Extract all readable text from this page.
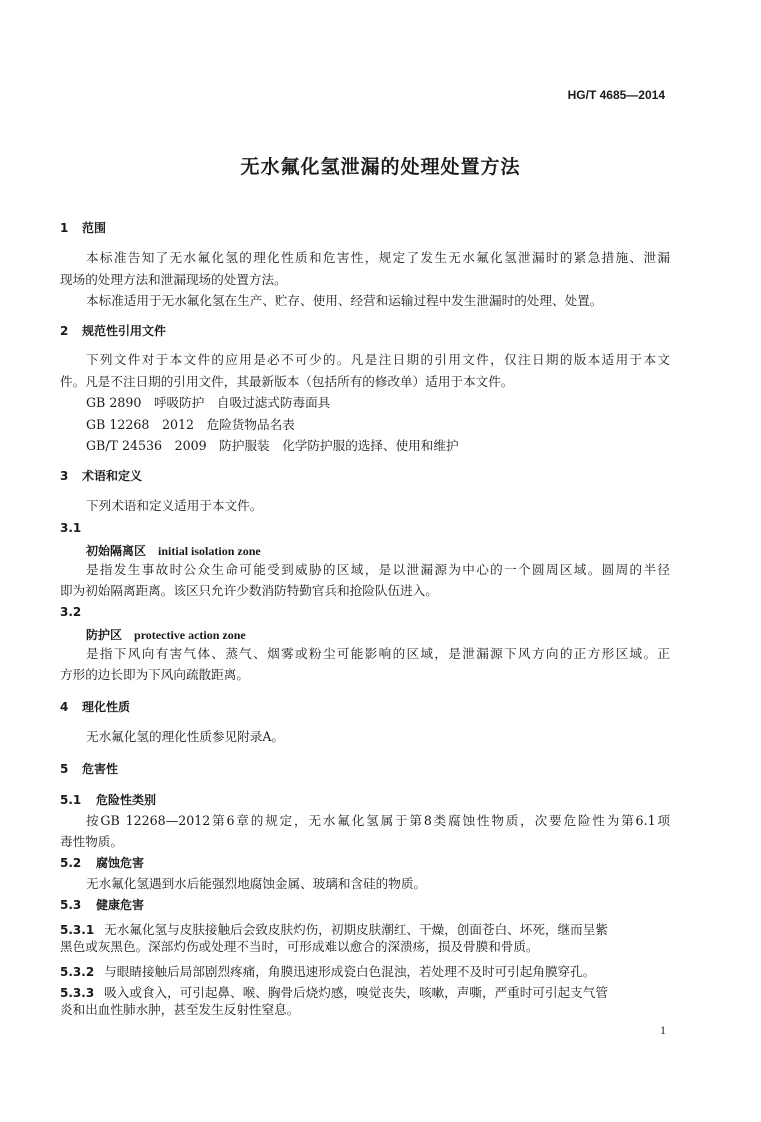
HG/T 4685—2014
无水氟化氢泄漏的处理处置方法
1 范围
本标准告知了无水氟化氢的理化性质和危害性，规定了发生无水氟化氢泄漏时的紧急措施、泄漏
现场的处理方法和泄漏现场的处置方法。
本标准适用于无水氟化氢在生产、贮存、使用、经营和运输过程中发生泄漏时的处理、处置。
2 规范性引用文件
下列文件对于本文件的应用是必不可少的。凡是注日期的引用文件，仅注日期的版本适用于本文
件。凡是不注日期的引用文件，其最新版本（包括所有的修改单）适用于本文件。
GB 2890　呼吸防护　自吸过滤式防毒面具
GB 12268　2012　危险货物品名表
GB/T 24536　2009　防护服装　化学防护服的选择、使用和维护
3 术语和定义
下列术语和定义适用于本文件。
3.1
初始隔离区 initial isolation zone
是指发生事故时公众生命可能受到威胁的区域，是以泄漏源为中心的一个圆周区域。圆周的半径
即为初始隔离距离。该区只允许少数消防特勤官兵和抢险队伍进入。
3.2
防护区 protective action zone
是指下风向有害气体、蒸气、烟雾或粉尘可能影响的区域，是泄漏源下风方向的正方形区域。正
方形的边长即为下风向疏散距离。
4 理化性质
无水氟化氢的理化性质参见附录A。
5 危害性
5.1 危险性类别
按GB 12268—2012第6章的规定，无水氟化氢属于第8类腐蚀性物质，次要危险性为第6.1项
毒性物质。
5.2 腐蚀危害
无水氟化氢遇到水后能强烈地腐蚀金属、玻璃和含硅的物质。
5.3 健康危害
5.3.1 无水氟化氢与皮肤接触后会致皮肤灼伤，初期皮肤潮红、干燥，创面苍白、坏死，继而呈紫
黑色或灰黑色。深部灼伤或处理不当时，可形成难以愈合的深溃疡，损及骨膜和骨质。
5.3.2 与眼睛接触后局部剧烈疼痛，角膜迅速形成瓷白色混浊，若处理不及时可引起角膜穿孔。
5.3.3 吸入或食入，可引起鼻、喉、胸骨后烧灼感，嗅觉丧失，咳嗽，声嘶，严重时可引起支气管
炎和出血性肺水肿，甚至发生反射性窒息。
1
